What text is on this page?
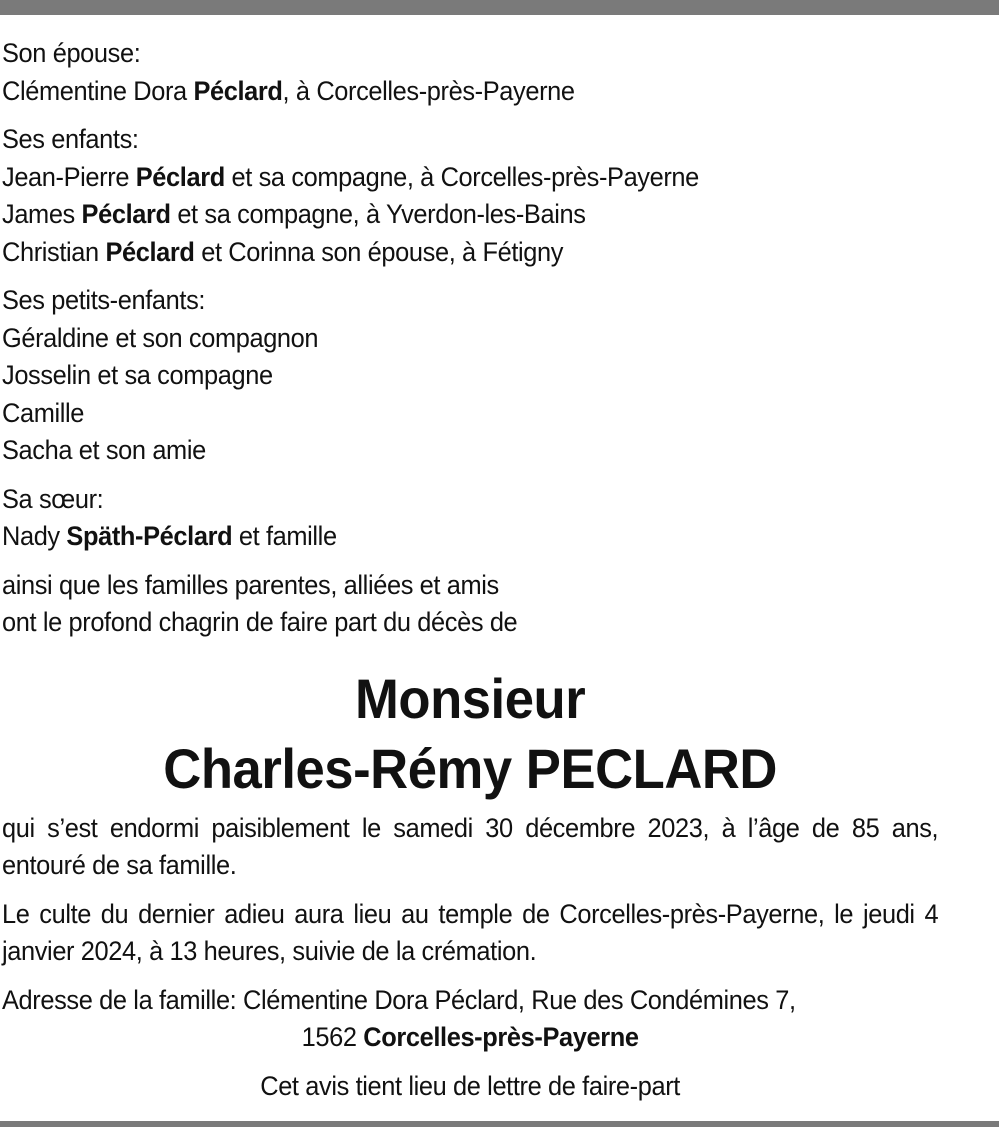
Son épouse:
Clémentine Dora Péclard, à Corcelles-près-Payerne
Ses enfants:
Jean-Pierre Péclard et sa compagne, à Corcelles-près-Payerne
James Péclard et sa compagne, à Yverdon-les-Bains
Christian Péclard et Corinna son épouse, à Fétigny
Ses petits-enfants:
Géraldine et son compagnon
Josselin et sa compagne
Camille
Sacha et son amie
Sa sœur:
Nady Späth-Péclard et famille
ainsi que les familles parentes, alliées et amis
ont le profond chagrin de faire part du décès de
Monsieur
Charles-Rémy PECLARD
qui s’est endormi paisiblement le samedi 30 décembre 2023, à l’âge de 85 ans, entouré de sa famille.
Le culte du dernier adieu aura lieu au temple de Corcelles-près-Payerne, le jeudi 4 janvier 2024, à 13 heures, suivie de la crémation.
Adresse de la famille: Clémentine Dora Péclard, Rue des Condémines 7,
1562 Corcelles-près-Payerne
Cet avis tient lieu de lettre de faire-part
